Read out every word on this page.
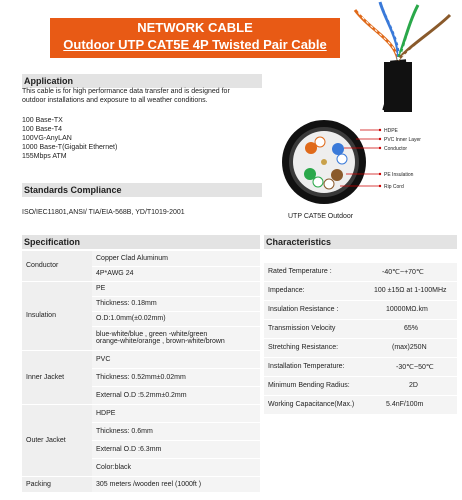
NETWORK CABLE
Outdoor UTP CAT5E 4P Twisted Pair Cable
Application
This cable is for high performance data transfer and is designed for
outdoor installations and exposure to all weather conditions.
100 Base-TX
100 Base-T4
100VG-AnyLAN
1000 Base-T(Gigabit Ethernet)
155Mbps ATM
HDPE
PVC Inner Layer
Conductor
PE Insulation
Rip Cord
UTP CAT5E Outdoor
Standards Compliance
ISO/IEC11801,ANSI/ TIA/EIA-568B, YD/T1019-2001
Specification	Characteristics
Conductor	Copper Clad Aluminum
	4P*AWG 24
Insulation	PE
	Thickness: 0.18mm
	O.D:1.0mm(±0.02mm)

	blue-white/blue , green -white/green
orange-white/orange , brown-white/brown

Inner Jacket	PVC
	Thickness: 0.52mm±0.02mm
	External O.D :5.2mm±0.2mm
Outer Jacket	HDPE
	Thickness: 0.6mm
	External O.D :6.3mm
	Color:black
Packing	305 meters /wooden reel (1000ft )
Rated Temperature :	-40℃~+70℃
Impedance:	100 ±15Ω at 1-100MHz
Insulation Resistance :	10000MΩ.km
Transmission Velocity	65%
Stretching Resistance:	(max)250N
Installation Temperature:	-30℃~50℃
Minimum Bending Radius:	2D
Working Capacitance(Max.)	5.4nF/100m
